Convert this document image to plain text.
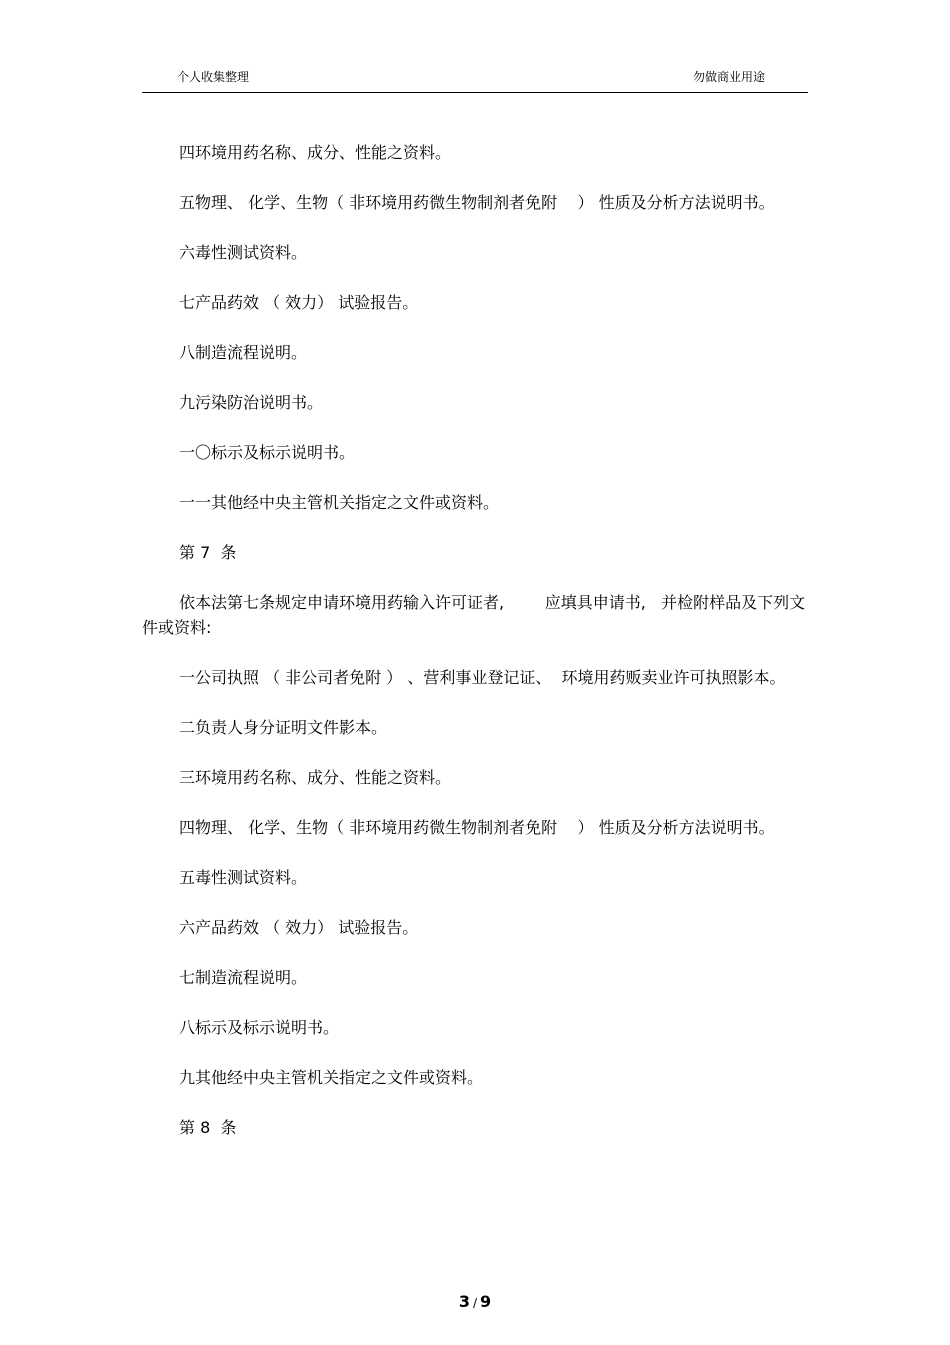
个人收集整理	勿做商业用途

四环境用药名称、成分、性能之资料。

五物理、 化学、生物（ 非环境用药微生物制剂者免附    ） 性质及分析方法说明书。

六毒性测试资料。

七产品药效 （ 效力） 试验报告。

八制造流程说明。

九污染防治说明书。

一〇标示及标示说明书。

一一其他经中央主管机关指定之文件或资料。

第 7  条

依本法第七条规定申请环境用药输入许可证者,        应填具申请书,   并检附样品及下列文件或资料:

一公司执照 （ 非公司者免附 ） 、营利事业登记证、  环境用药贩卖业许可执照影本。

二负责人身分证明文件影本。

三环境用药名称、成分、性能之资料。

四物理、 化学、生物（ 非环境用药微生物制剂者免附    ） 性质及分析方法说明书。

五毒性测试资料。

六产品药效 （ 效力） 试验报告。

七制造流程说明。

八标示及标示说明书。

九其他经中央主管机关指定之文件或资料。

第 8  条

3 / 9
